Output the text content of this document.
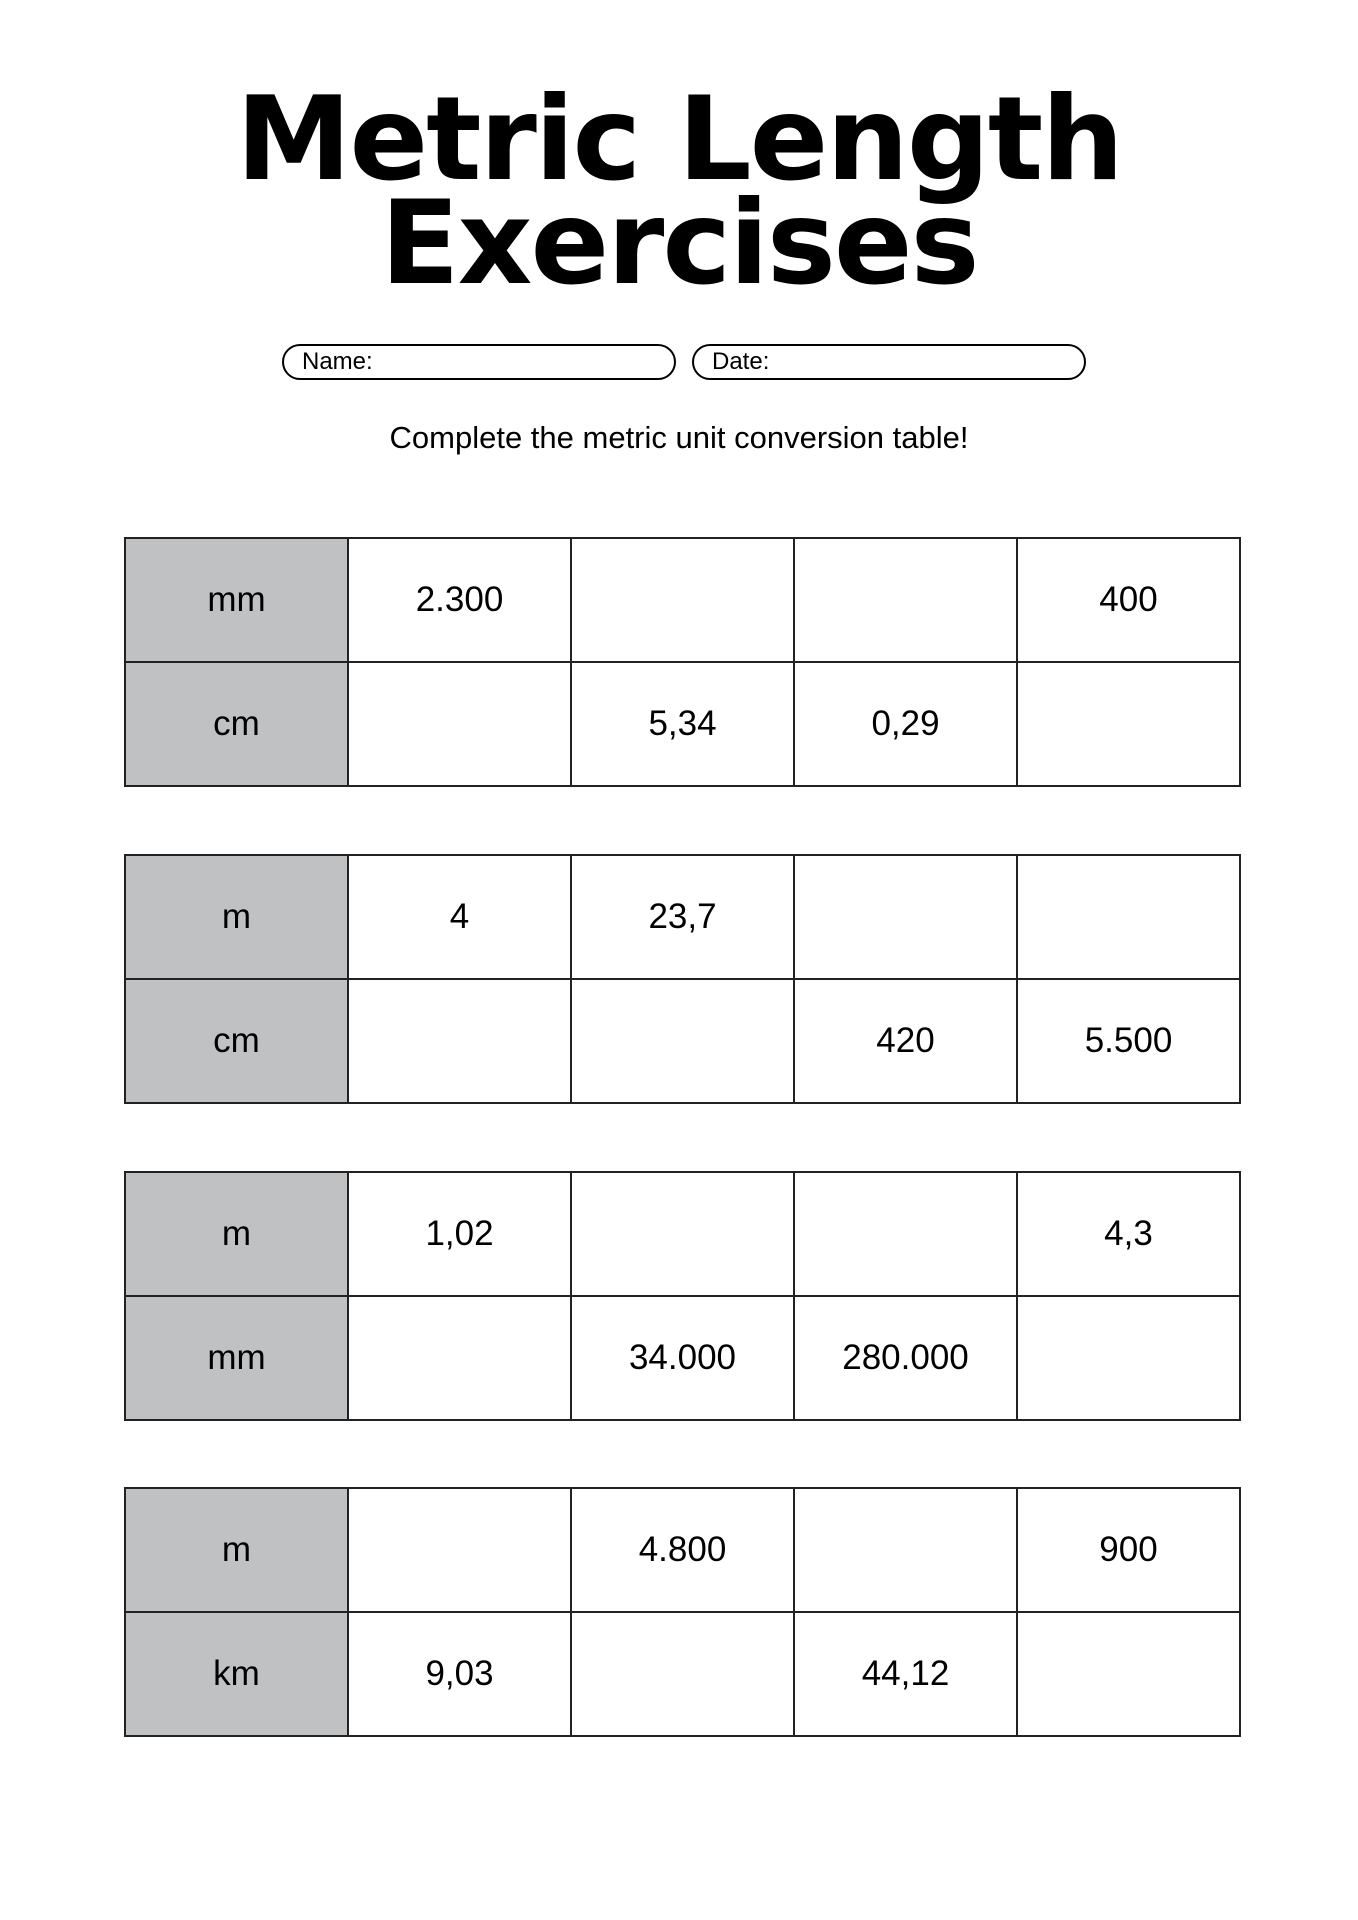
Metric Length
Exercises
Name:	Date:
Complete the metric unit conversion table!
mm	2.300			400
cm		5,34	0,29	
m	4	23,7		
cm			420	5.500
m	1,02			4,3
mm		34.000	280.000	
m		4.800		900
km	9,03		44,12	
